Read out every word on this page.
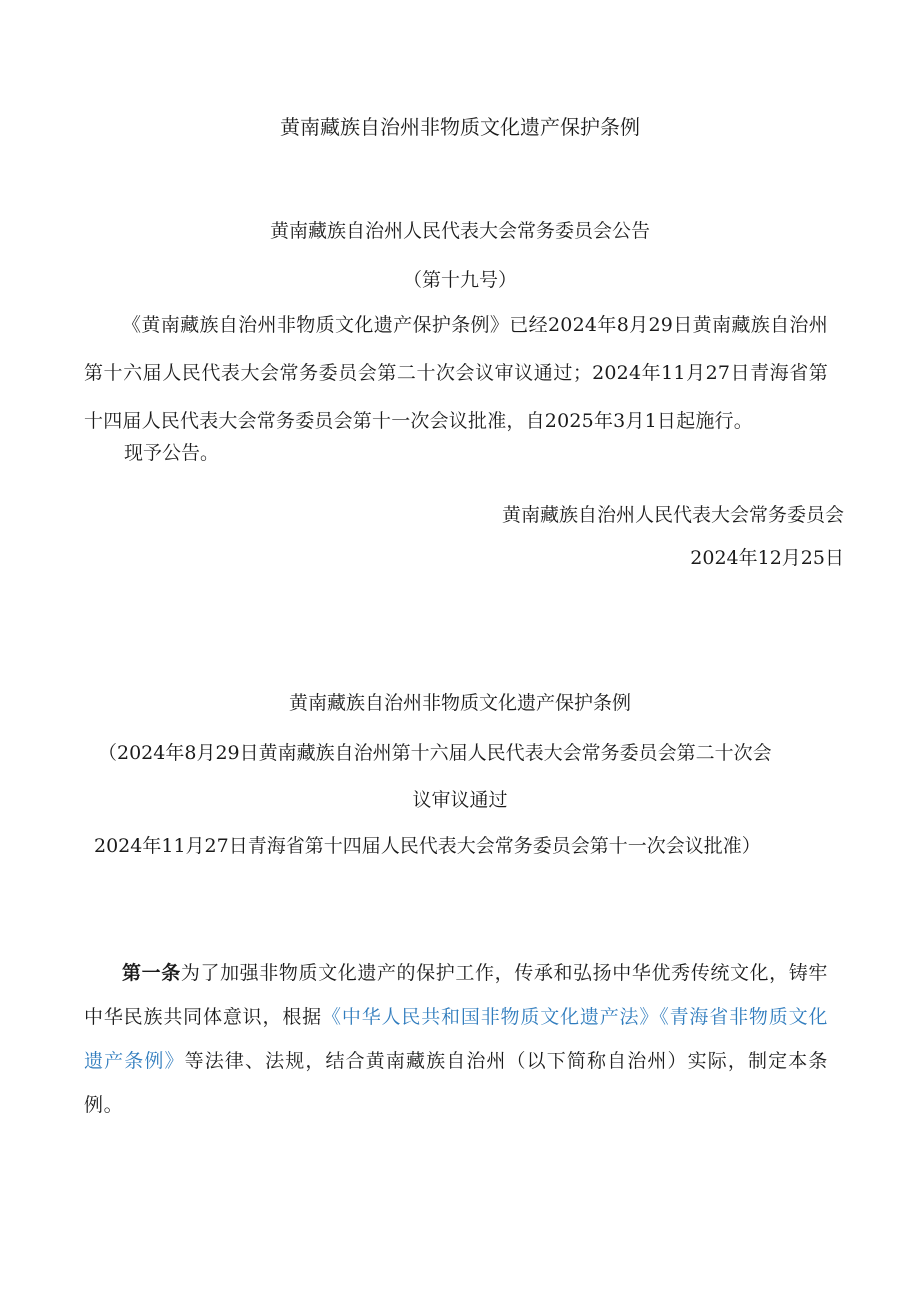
黄南藏族自治州非物质文化遗产保护条例

黄南藏族自治州人民代表大会常务委员会公告

（第十九号）

《黄南藏族自治州非物质文化遗产保护条例》已经2024年8月29日黄南藏族自治州第十六届人民代表大会常务委员会第二十次会议审议通过；2024年11月27日青海省第十四届人民代表大会常务委员会第十一次会议批准，自2025年3月1日起施行。

现予公告。

黄南藏族自治州人民代表大会常务委员会

2024年12月25日

黄南藏族自治州非物质文化遗产保护条例

（2024年8月29日黄南藏族自治州第十六届人民代表大会常务委员会第二十次会

议审议通过

2024年11月27日青海省第十四届人民代表大会常务委员会第十一次会议批准）

第一条为了加强非物质文化遗产的保护工作，传承和弘扬中华优秀传统文化，铸牢中华民族共同体意识，根据《中华人民共和国非物质文化遗产法》《青海省非物质文化遗产条例》等法律、法规，结合黄南藏族自治州（以下简称自治州）实际，制定本条例。
